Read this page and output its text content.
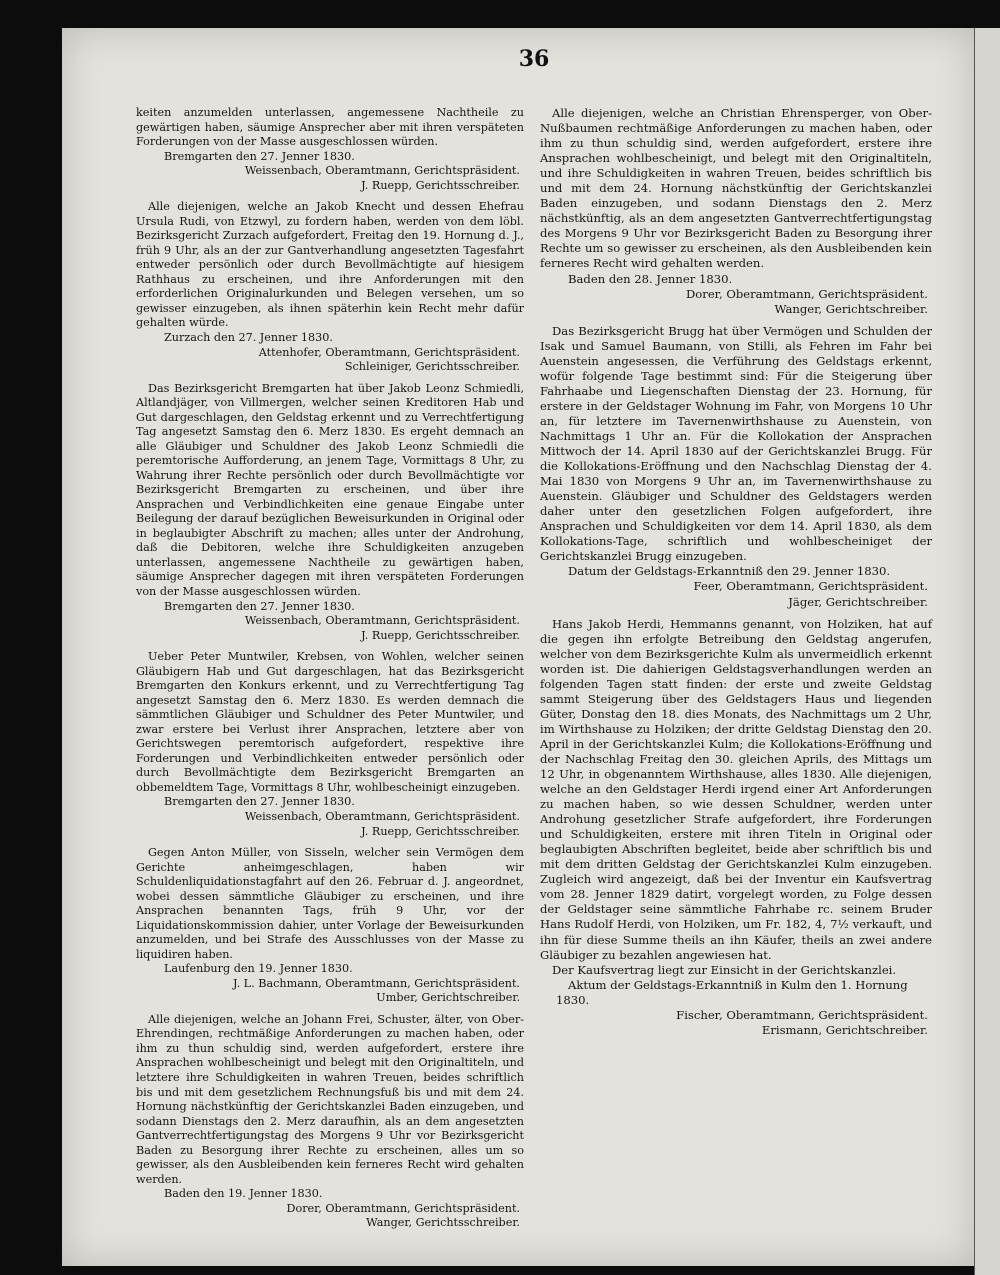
36

keiten anzumelden unterlassen, angemessene Nachtheile zu gewärtigen haben, säumige Ansprecher aber mit ihren verspäteten Forderungen von der Masse ausgeschlossen würden.

Bremgarten den 27. Jenner 1830.

Weissenbach, Oberamtmann, Gerichtspräsident.

J. Ruepp, Gerichtsschreiber.

Alle diejenigen, welche an Jakob Knecht und dessen Ehefrau Ursula Rudi, von Etzwyl, zu fordern haben, werden von dem löbl. Bezirksgericht Zurzach aufgefordert, Freitag den 19. Hornung d. J., früh 9 Uhr, als an der zur Gantverhandlung angesetzten Tagesfahrt entweder persönlich oder durch Bevollmächtigte auf hiesigem Rathhaus zu erscheinen, und ihre Anforderungen mit den erforderlichen Originalurkunden und Belegen versehen, um so gewisser einzugeben, als ihnen späterhin kein Recht mehr dafür gehalten würde.

Zurzach den 27. Jenner 1830.

Attenhofer, Oberamtmann, Gerichtspräsident.

Schleiniger, Gerichtsschreiber.

Das Bezirksgericht Bremgarten hat über Jakob Leonz Schmiedli, Altlandjäger, von Villmergen, welcher seinen Kreditoren Hab und Gut dargeschlagen, den Geldstag erkennt und zu Verrechtfertigung Tag angesetzt Samstag den 6. Merz 1830. Es ergeht demnach an alle Gläubiger und Schuldner des Jakob Leonz Schmiedli die peremtorische Aufforderung, an jenem Tage, Vormittags 8 Uhr, zu Wahrung ihrer Rechte persönlich oder durch Bevollmächtigte vor Bezirksgericht Bremgarten zu erscheinen, und über ihre Ansprachen und Verbindlichkeiten eine genaue Eingabe unter Beilegung der darauf bezüglichen Beweisurkunden in Original oder in beglaubigter Abschrift zu machen; alles unter der Androhung, daß die Debitoren, welche ihre Schuldigkeiten anzugeben unterlassen, angemessene Nachtheile zu gewärtigen haben, säumige Ansprecher dagegen mit ihren verspäteten Forderungen von der Masse ausgeschlossen würden.

Bremgarten den 27. Jenner 1830.

Weissenbach, Oberamtmann, Gerichtspräsident.

J. Ruepp, Gerichtsschreiber.

Ueber Peter Muntwiler, Krebsen, von Wohlen, welcher seinen Gläubigern Hab und Gut dargeschlagen, hat das Bezirksgericht Bremgarten den Konkurs erkennt, und zu Verrechtfertigung Tag angesetzt Samstag den 6. Merz 1830. Es werden demnach die sämmtlichen Gläubiger und Schuldner des Peter Muntwiler, und zwar erstere bei Verlust ihrer Ansprachen, letztere aber von Gerichtswegen peremtorisch aufgefordert, respektive ihre Forderungen und Verbindlichkeiten entweder persönlich oder durch Bevollmächtigte dem Bezirksgericht Bremgarten an obbemeldtem Tage, Vormittags 8 Uhr, wohlbescheinigt einzugeben.

Bremgarten den 27. Jenner 1830.

Weissenbach, Oberamtmann, Gerichtspräsident.

J. Ruepp, Gerichtsschreiber.

Gegen Anton Müller, von Sisseln, welcher sein Vermögen dem Gerichte anheimgeschlagen, haben wir Schuldenliquidationstagfahrt auf den 26. Februar d. J. angeordnet, wobei dessen sämmtliche Gläubiger zu erscheinen, und ihre Ansprachen benannten Tags, früh 9 Uhr, vor der Liquidationskommission dahier, unter Vorlage der Beweisurkunden anzumelden, und bei Strafe des Ausschlusses von der Masse zu liquidiren haben.

Laufenburg den 19. Jenner 1830.

J. L. Bachmann, Oberamtmann, Gerichtspräsident.

Umber, Gerichtschreiber.

Alle diejenigen, welche an Johann Frei, Schuster, älter, von Ober-Ehrendingen, rechtmäßige Anforderungen zu machen haben, oder ihm zu thun schuldig sind, werden aufgefordert, erstere ihre Ansprachen wohlbescheinigt und belegt mit den Originaltiteln, und letztere ihre Schuldigkeiten in wahren Treuen, beides schriftlich bis und mit dem gesetzlichem Rechnungsfuß bis und mit dem 24. Hornung nächstkünftig der Gerichtskanzlei Baden einzugeben, und sodann Dienstags den 2. Merz daraufhin, als an dem angesetzten Gantverrechtfertigungstag des Morgens 9 Uhr vor Bezirksgericht Baden zu Besorgung ihrer Rechte zu erscheinen, alles um so gewisser, als den Ausbleibenden kein ferneres Recht wird gehalten werden.

Baden den 19. Jenner 1830.

Dorer, Oberamtmann, Gerichtspräsident.

Wanger, Gerichtsschreiber.

Alle diejenigen, welche an Christian Ehrensperger, von Ober-Nußbaumen rechtmäßige Anforderungen zu machen haben, oder ihm zu thun schuldig sind, werden aufgefordert, erstere ihre Ansprachen wohlbescheinigt, und belegt mit den Originaltiteln, und ihre Schuldigkeiten in wahren Treuen, beides schriftlich bis und mit dem 24. Hornung nächstkünftig der Gerichtskanzlei Baden einzugeben, und sodann Dienstags den 2. Merz nächstkünftig, als an dem angesetzten Gantverrechtfertigungstag des Morgens 9 Uhr vor Bezirksgericht Baden zu Besorgung ihrer Rechte um so gewisser zu erscheinen, als den Ausbleibenden kein ferneres Recht wird gehalten werden.

Baden den 28. Jenner 1830.

Dorer, Oberamtmann, Gerichtspräsident.

Wanger, Gerichtschreiber.

Das Bezirksgericht Brugg hat über Vermögen und Schulden der Isak und Samuel Baumann, von Stilli, als Fehren im Fahr bei Auenstein angesessen, die Verführung des Geldstags erkennt, wofür folgende Tage bestimmt sind: Für die Steigerung über Fahrhaabe und Liegenschaften Dienstag der 23. Hornung, für erstere in der Geldstager Wohnung im Fahr, von Morgens 10 Uhr an, für letztere im Tavernenwirthshause zu Auenstein, von Nachmittags 1 Uhr an. Für die Kollokation der Ansprachen Mittwoch der 14. April 1830 auf der Gerichtskanzlei Brugg. Für die Kollokations-Eröffnung und den Nachschlag Dienstag der 4. Mai 1830 von Morgens 9 Uhr an, im Tavernenwirthshause zu Auenstein. Gläubiger und Schuldner des Geldstagers werden daher unter den gesetzlichen Folgen aufgefordert, ihre Ansprachen und Schuldigkeiten vor dem 14. April 1830, als dem Kollokations-Tage, schriftlich und wohlbescheiniget der Gerichtskanzlei Brugg einzugeben.

Datum der Geldstags-Erkanntniß den 29. Jenner 1830.

Feer, Oberamtmann, Gerichtspräsident.

Jäger, Gerichtschreiber.

Hans Jakob Herdi, Hemmanns genannt, von Holziken, hat auf die gegen ihn erfolgte Betreibung den Geldstag angerufen, welcher von dem Bezirksgerichte Kulm als unvermeidlich erkennt worden ist. Die dahierigen Geldstagsverhandlungen werden an folgenden Tagen statt finden: der erste und zweite Geldstag sammt Steigerung über des Geldstagers Haus und liegenden Güter, Donstag den 18. dies Monats, des Nachmittags um 2 Uhr, im Wirthshause zu Holziken; der dritte Geldstag Dienstag den 20. April in der Gerichtskanzlei Kulm; die Kollokations-Eröffnung und der Nachschlag Freitag den 30. gleichen Aprils, des Mittags um 12 Uhr, in obgenanntem Wirthshause, alles 1830. Alle diejenigen, welche an den Geldstager Herdi irgend einer Art Anforderungen zu machen haben, so wie dessen Schuldner, werden unter Androhung gesetzlicher Strafe aufgefordert, ihre Forderungen und Schuldigkeiten, erstere mit ihren Titeln in Original oder beglaubigten Abschriften begleitet, beide aber schriftlich bis und mit dem dritten Geldstag der Gerichtskanzlei Kulm einzugeben. Zugleich wird angezeigt, daß bei der Inventur ein Kaufsvertrag vom 28. Jenner 1829 datirt, vorgelegt worden, zu Folge dessen der Geldstager seine sämmtliche Fahrhabe rc. seinem Bruder Hans Rudolf Herdi, von Holziken, um Fr. 182, 4, 7½ verkauft, und ihn für diese Summe theils an ihn Käufer, theils an zwei andere Gläubiger zu bezahlen angewiesen hat.

Der Kaufsvertrag liegt zur Einsicht in der Gerichtskanzlei.

Aktum der Geldstags-Erkanntniß in Kulm den 1. Hornung 1830.

Fischer, Oberamtmann, Gerichtspräsident.

Erismann, Gerichtschreiber.
